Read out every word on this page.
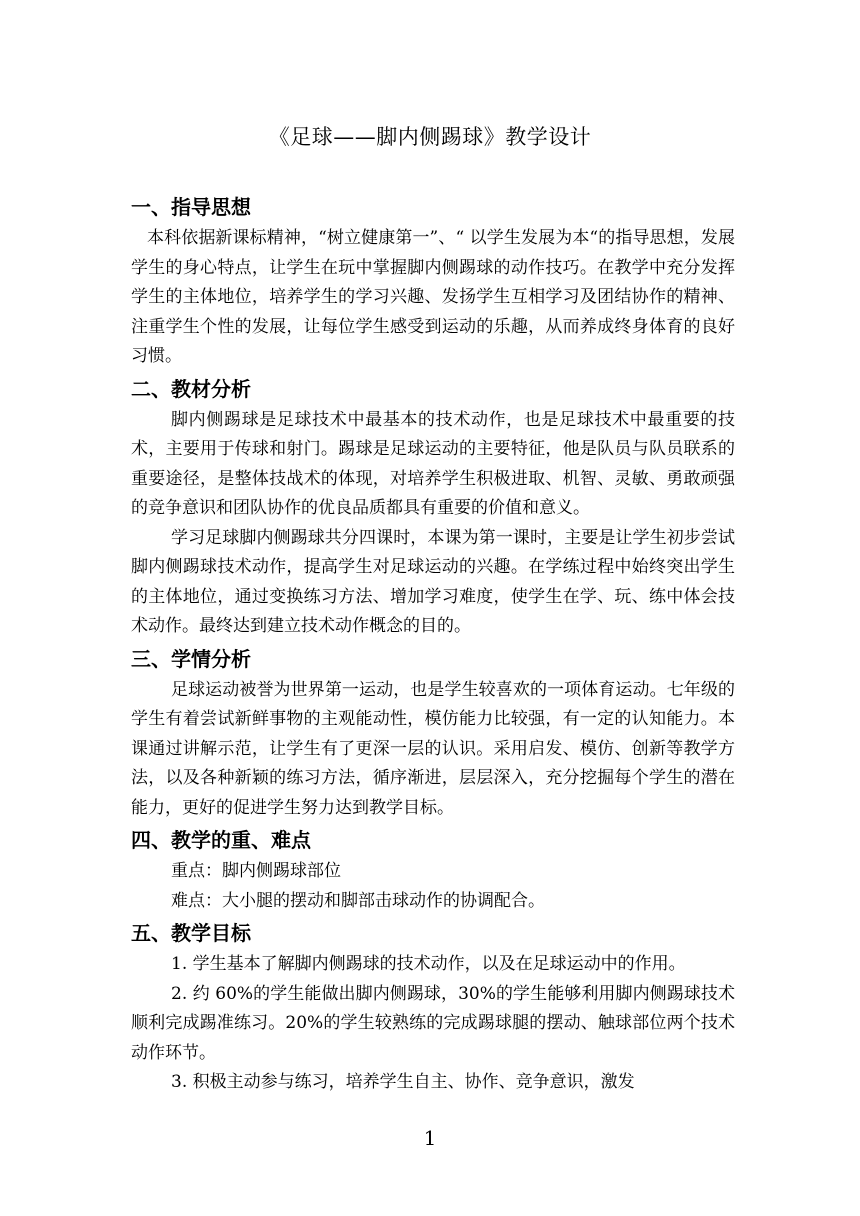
《足球——脚内侧踢球》教学设计
一、指导思想

本科依据新课标精神，“树立健康第一”、“ 以学生发展为本“的指导思想，发展学生的身心特点，让学生在玩中掌握脚内侧踢球的动作技巧。在教学中充分发挥学生的主体地位，培养学生的学习兴趣、发扬学生互相学习及团结协作的精神、注重学生个性的发展，让每位学生感受到运动的乐趣，从而养成终身体育的良好习惯。

二、教材分析

脚内侧踢球是足球技术中最基本的技术动作，也是足球技术中最重要的技术，主要用于传球和射门。踢球是足球运动的主要特征，他是队员与队员联系的重要途径，是整体技战术的体现，对培养学生积极进取、机智、灵敏、勇敢顽强的竞争意识和团队协作的优良品质都具有重要的价值和意义。

学习足球脚内侧踢球共分四课时，本课为第一课时，主要是让学生初步尝试脚内侧踢球技术动作，提高学生对足球运动的兴趣。在学练过程中始终突出学生的主体地位，通过变换练习方法、增加学习难度，使学生在学、玩、练中体会技术动作。最终达到建立技术动作概念的目的。

三、学情分析

足球运动被誉为世界第一运动，也是学生较喜欢的一项体育运动。七年级的学生有着尝试新鲜事物的主观能动性，模仿能力比较强，有一定的认知能力。本课通过讲解示范，让学生有了更深一层的认识。采用启发、模仿、创新等教学方法，以及各种新颖的练习方法，循序渐进，层层深入，充分挖掘每个学生的潜在能力，更好的促进学生努力达到教学目标。

四、教学的重、难点

重点：脚内侧踢球部位

难点：大小腿的摆动和脚部击球动作的协调配合。

五、教学目标

1. 学生基本了解脚内侧踢球的技术动作，以及在足球运动中的作用。

2. 约 60%的学生能做出脚内侧踢球，30%的学生能够利用脚内侧踢球技术顺利完成踢准练习。20%的学生较熟练的完成踢球腿的摆动、触球部位两个技术动作环节。

3. 积极主动参与练习，培养学生自主、协作、竞争意识，激发

1
